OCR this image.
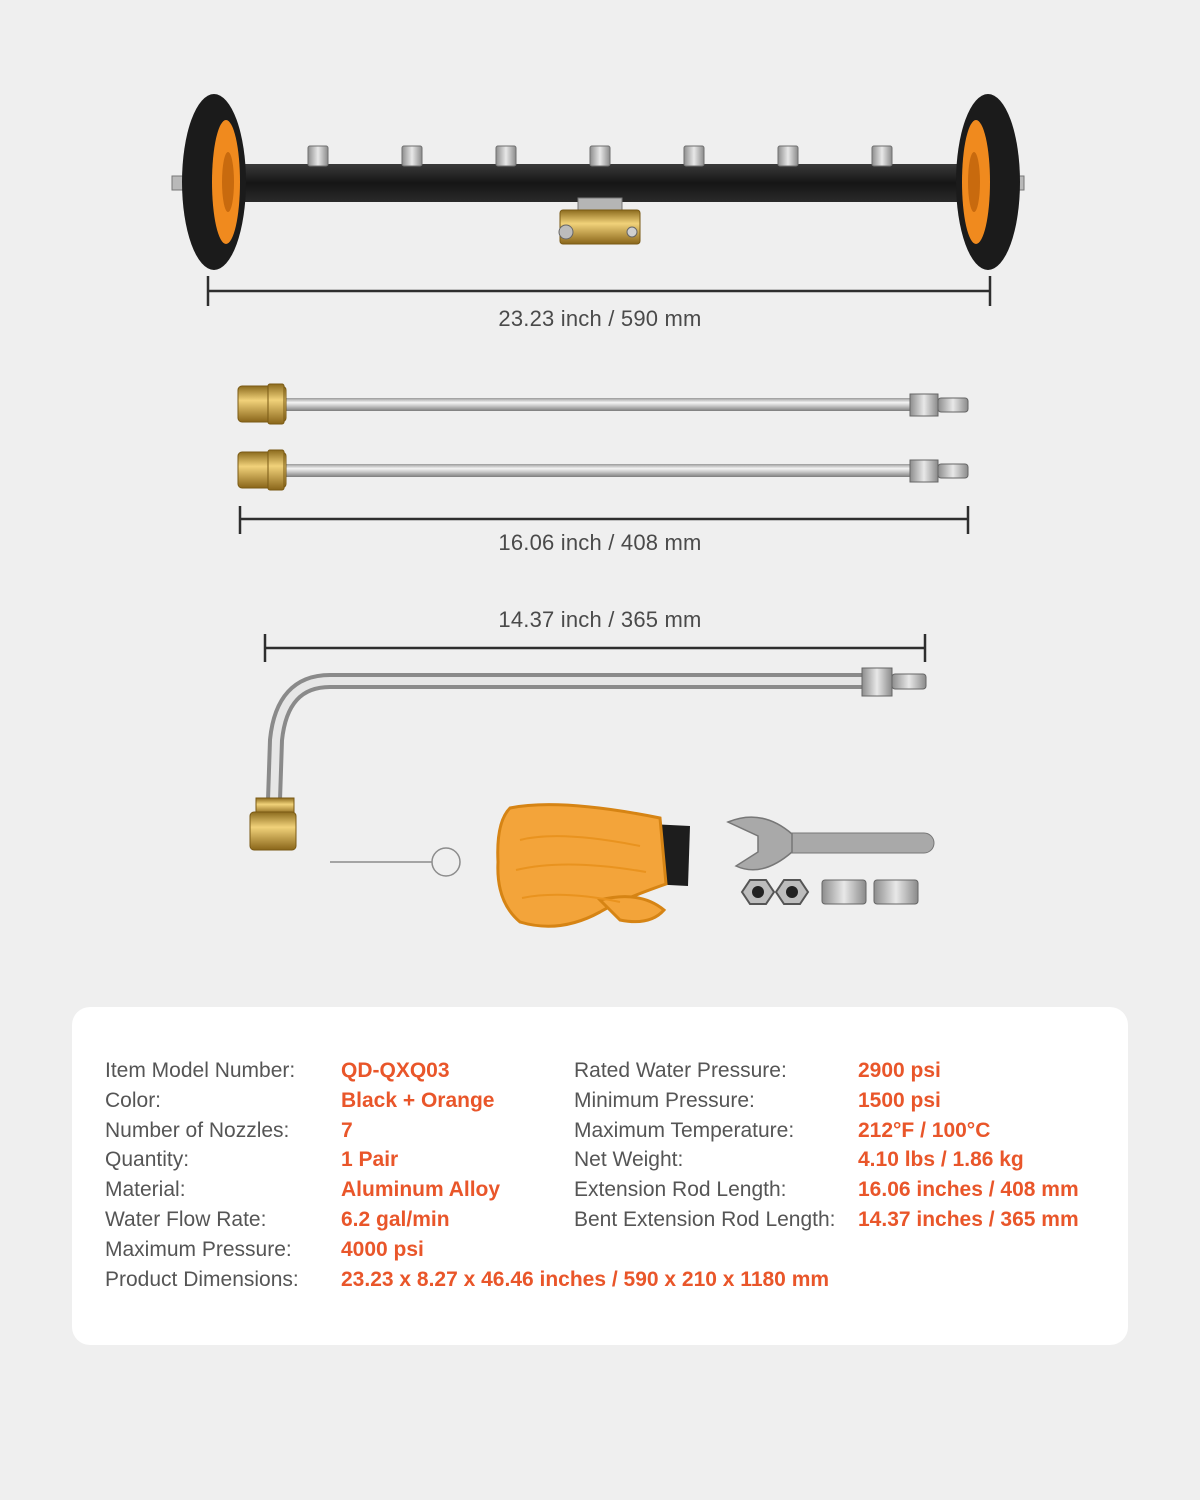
23.23 inch / 590 mm
16.06 inch / 408 mm
14.37 inch / 365 mm
Item Model Number: QD-QXQ03
Color:	Black + Orange
Number of Nozzles: 7
Quantity:	1 Pair
Material:	Aluminum Alloy
Water Flow Rate:	6.2 gal/min
Maximum Pressure: 4000 psi
Product Dimensions: 23.23 x 8.27 x 46.46 inches / 590 x 210 x 1180 mm
Rated Water Pressure:	2900 psi
Minimum Pressure:	1500 psi
Maximum Temperature:	212°F / 100°C
Net Weight:	4.10 lbs / 1.86 kg
Extension Rod Length:	16.06 inches / 408 mm
Bent Extension Rod Length: 14.37 inches / 365 mm
